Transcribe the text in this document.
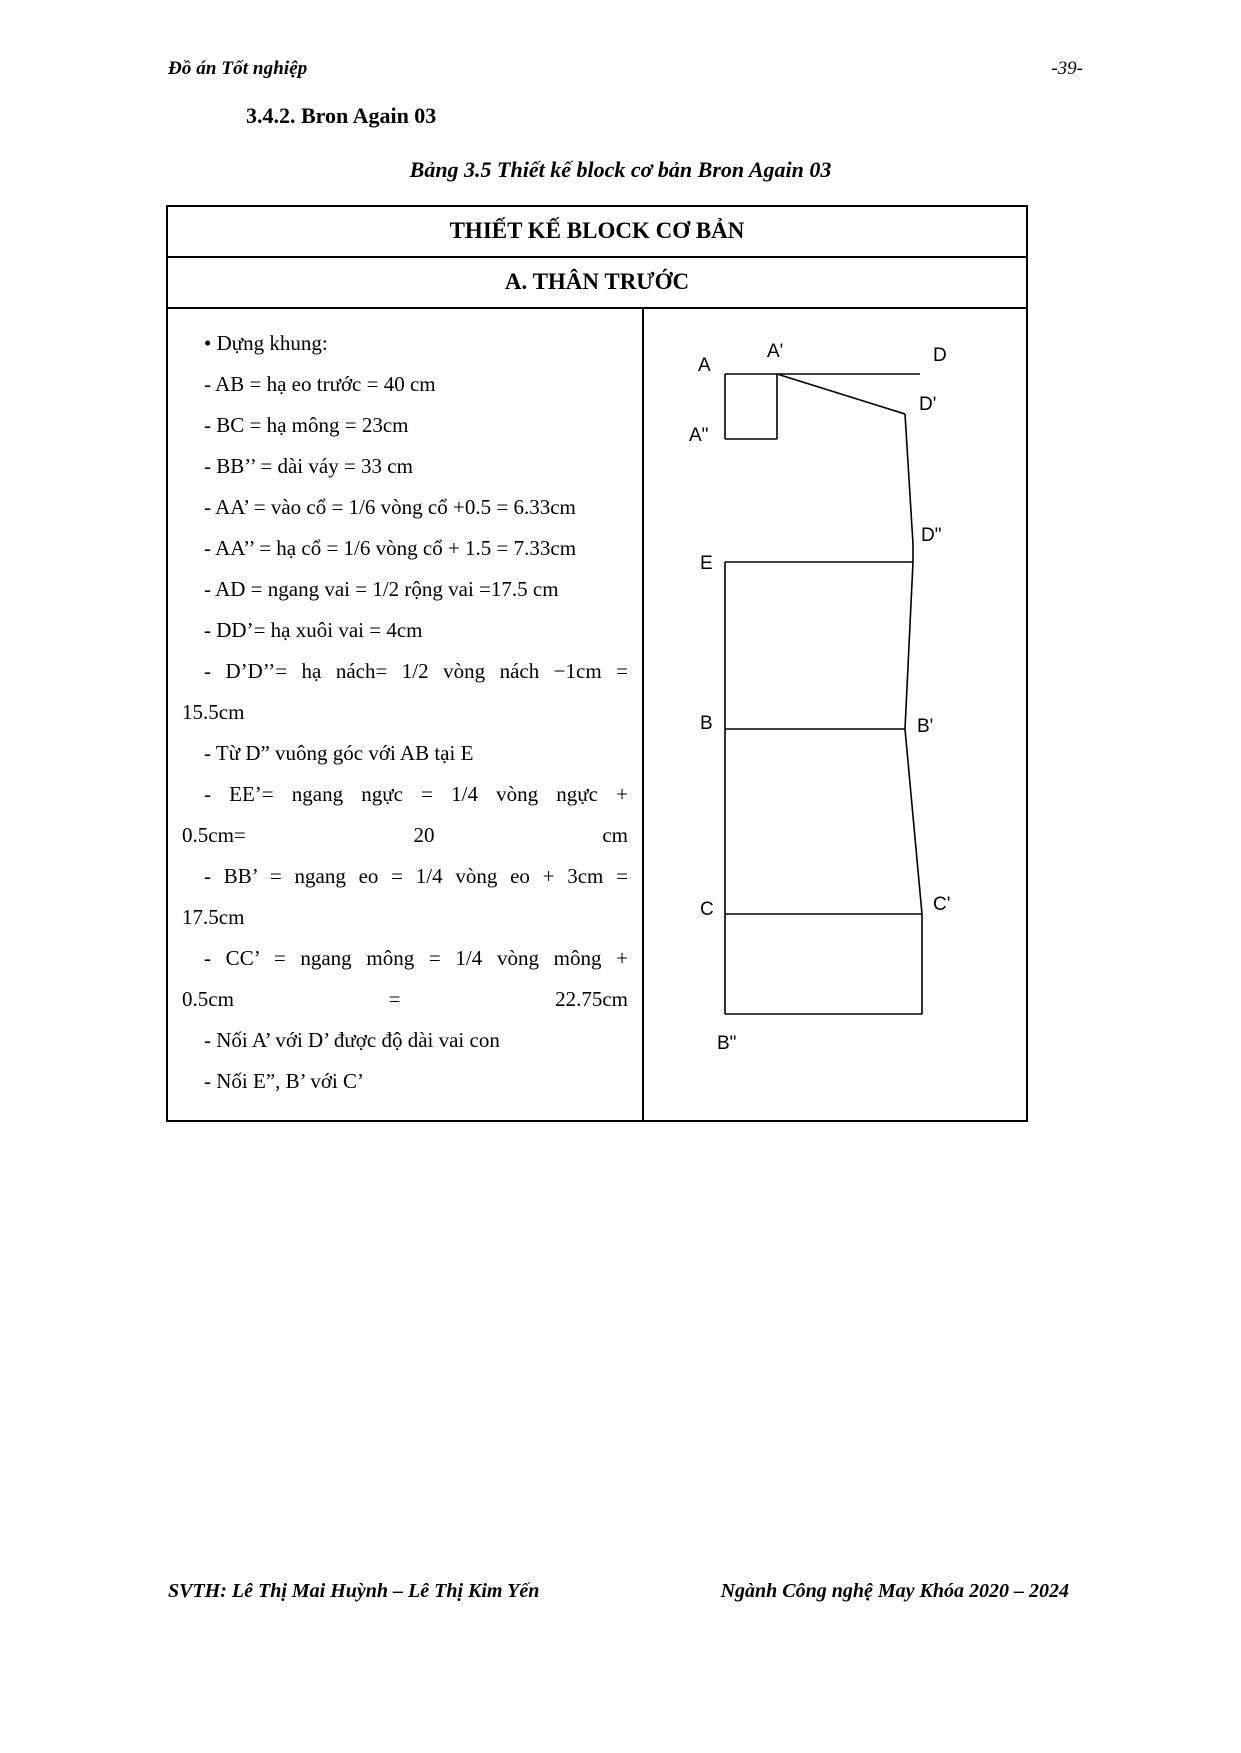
Đồ án Tốt nghiệp	-39-
3.4.2. Bron Again 03
Bảng 3.5 Thiết kế block cơ bản Bron Again 03
THIẾT KẾ BLOCK CƠ BẢN
A. THÂN TRƯỚC
• Dựng khung:
- AB = hạ eo trước = 40 cm
- BC = hạ mông = 23cm
- BB’’ = dài váy = 33 cm
- AA’ = vào cổ = 1/6 vòng cổ +0.5 = 6.33cm
- AA’’ = hạ cổ = 1/6 vòng cổ + 1.5 = 7.33cm
- AD = ngang vai = 1/2 rộng vai =17.5 cm
- DD’= hạ xuôi vai = 4cm
- D’D’’= hạ nách= 1/2 vòng nách −1cm =
15.5cm
- Từ D” vuông góc với AB tại E
- EE’= ngang ngực = 1/4 vòng ngực +
0.5cm= 20 cm
- BB’ = ngang eo = 1/4 vòng eo + 3cm =
17.5cm
- CC’ = ngang mông = 1/4 vòng mông +
0.5cm = 22.75cm
- Nối A’ với D’ được độ dài vai con
- Nối E”, B’ với C’
A
A'	D
D'
A"
D"
E
B	B'
C	C'
B"
SVTH: Lê Thị Mai Huỳnh – Lê Thị Kim Yến	Ngành Công nghệ May Khóa 2020 – 2024
